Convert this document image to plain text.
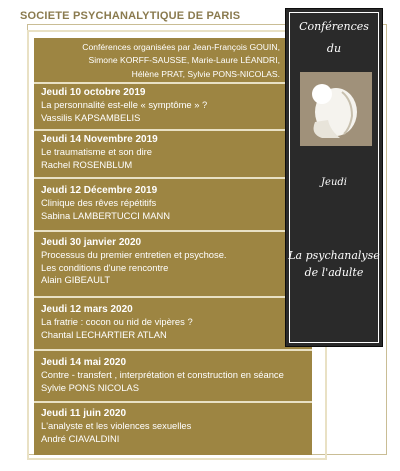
SOCIETE PSYCHANALYTIQUE DE PARIS
Conférences organisées par Jean-François GOUIN,
Simone KORFF-SAUSSE, Marie-Laure LÉANDRI,
Hélène PRAT, Sylvie PONS-NICOLAS.
Jeudi 10 octobre 2019
La personnalité est-elle « symptôme » ?
Vassilis KAPSAMBELIS
Jeudi 14 Novembre 2019
Le traumatisme et son dire
Rachel ROSENBLUM
Jeudi 12 Décembre 2019
Clinique des rêves répétitifs
Sabina LAMBERTUCCI MANN
Jeudi 30 janvier 2020
Processus du premier entretien et psychose.
Les conditions d'une rencontre
Alain GIBEAULT
Jeudi 12 mars 2020
La fratrie : cocon ou nid de vipères ?
Chantal LECHARTIER ATLAN
Jeudi 14 mai 2020
Contre - transfert , interprétation et construction en séance
Sylvie PONS NICOLAS
Jeudi 11 juin 2020
L'analyste et les violences sexuelles
André CIAVALDINI
Conférences
du
Jeudi
La psychanalyse
de l'adulte
